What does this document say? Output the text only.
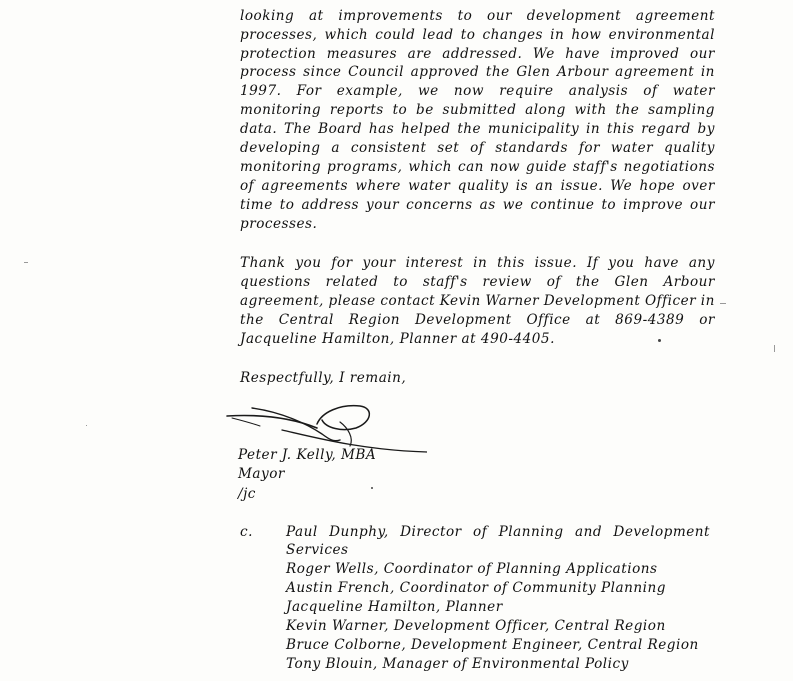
looking at improvements to our development agreement
processes, which could lead to changes in how environmental
protection measures are addressed. We have improved our
process since Council approved the Glen Arbour agreement in
1997. For example, we now require analysis of water
monitoring reports to be submitted along with the sampling
data. The Board has helped the municipality in this regard by
developing a consistent set of standards for water quality
monitoring programs, which can now guide staff's negotiations
of agreements where water quality is an issue. We hope over
time to address your concerns as we continue to improve our
processes.
Thank you for your interest in this issue. If you have any
questions related to staff's review of the Glen Arbour
agreement, please contact Kevin Warner Development Officer in
the Central Region Development Office at 869-4389 or
Jacqueline Hamilton, Planner at 490-4405.
Respectfully, I remain,
Peter J. Kelly, MBA
Mayor
/jc
c. Paul Dunphy, Director of Planning and Development
Services
Roger Wells, Coordinator of Planning Applications
Austin French, Coordinator of Community Planning
Jacqueline Hamilton, Planner
Kevin Warner, Development Officer, Central Region
Bruce Colborne, Development Engineer, Central Region
Tony Blouin, Manager of Environmental Policy
